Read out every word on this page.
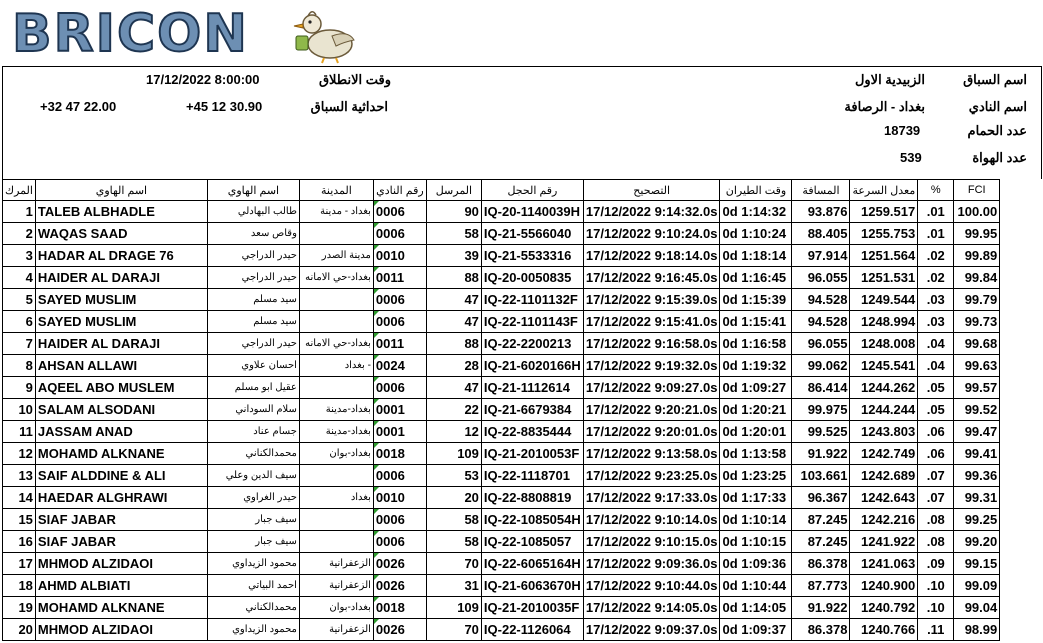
BRICON
اسم السباق
الزبيدية الاول
اسم النادي
بغداد - الرصافة
عدد الحمام
18739
عدد الهواة
539
وقت الانطلاق
17/12/2022 8:00:00
احداثية السباق
+45 12 30.90
+32 47 22.00
المرك	اسم الهاوي	اسم الهاوي	المدينة	رقم النادي	المرسل	رقم الحجل	التصحيح	وقت الطيران	المسافة	معدل السرعة	%	FCI
1	TALEB ALBHADLE	طالب البهادلي	بغداد - مدينة	0006	90	IQ-20-1140039H	17/12/2022 9:14:32.0s	0d 1:14:32	93.876	1259.517	.01	100.00
2	WAQAS SAAD	وقاص سعد		0006	58	IQ-21-5566040	17/12/2022 9:10:24.0s	0d 1:10:24	88.405	1255.753	.01	99.95
3	HADAR AL DRAGE 76	حيدر الدراجي	مدينة الصدر	0010	39	IQ-21-5533316	17/12/2022 9:18:14.0s	0d 1:18:14	97.914	1251.564	.02	99.89
4	HAIDER AL DARAJI	حيدر الدراجي	بغداد-حي الامانه	0011	88	IQ-20-0050835	17/12/2022 9:16:45.0s	0d 1:16:45	96.055	1251.531	.02	99.84
5	SAYED MUSLIM	سيد مسلم		0006	47	IQ-22-1101132F	17/12/2022 9:15:39.0s	0d 1:15:39	94.528	1249.544	.03	99.79
6	SAYED MUSLIM	سيد مسلم		0006	47	IQ-22-1101143F	17/12/2022 9:15:41.0s	0d 1:15:41	94.528	1248.994	.03	99.73
7	HAIDER AL DARAJI	حيدر الدراجي	بغداد-حي الامانه	0011	88	IQ-22-2200213	17/12/2022 9:16:58.0s	0d 1:16:58	96.055	1248.008	.04	99.68
8	AHSAN ALLAWI	احسان علاوي	- بغداد	0024	28	IQ-21-6020166H	17/12/2022 9:19:32.0s	0d 1:19:32	99.062	1245.541	.04	99.63
9	AQEEL ABO MUSLEM	عقيل ابو مسلم		0006	47	IQ-21-1112614	17/12/2022 9:09:27.0s	0d 1:09:27	86.414	1244.262	.05	99.57
10	SALAM ALSODANI	سلام السوداني	بغداد-مدينة	0001	22	IQ-21-6679384	17/12/2022 9:20:21.0s	0d 1:20:21	99.975	1244.244	.05	99.52
11	JASSAM ANAD	جسام عناد	بغداد-مدينة	0001	12	IQ-22-8835444	17/12/2022 9:20:01.0s	0d 1:20:01	99.525	1243.803	.06	99.47
12	MOHAMD ALKNANE	محمدالكناني	بغداد-بوان	0018	109	IQ-21-2010053F	17/12/2022 9:13:58.0s	0d 1:13:58	91.922	1242.749	.06	99.41
13	SAIF ALDDINE & ALI	سيف الدين وعلي		0006	53	IQ-22-1118701	17/12/2022 9:23:25.0s	0d 1:23:25	103.661	1242.689	.07	99.36
14	HAEDAR ALGHRAWI	حيدر الغراوي	بغداد	0010	20	IQ-22-8808819	17/12/2022 9:17:33.0s	0d 1:17:33	96.367	1242.643	.07	99.31
15	SIAF JABAR	سيف جبار		0006	58	IQ-22-1085054H	17/12/2022 9:10:14.0s	0d 1:10:14	87.245	1242.216	.08	99.25
16	SIAF JABAR	سيف جبار		0006	58	IQ-22-1085057	17/12/2022 9:10:15.0s	0d 1:10:15	87.245	1241.922	.08	99.20
17	MHMOD ALZIDAOI	محمود الزيداوي	الزعفرانية	0026	70	IQ-22-6065164H	17/12/2022 9:09:36.0s	0d 1:09:36	86.378	1241.063	.09	99.15
18	AHMD ALBIATI	احمد البياتي	الزعفرانية	0026	31	IQ-21-6063670H	17/12/2022 9:10:44.0s	0d 1:10:44	87.773	1240.900	.10	99.09
19	MOHAMD ALKNANE	محمدالكناني	بغداد-بوان	0018	109	IQ-21-2010035F	17/12/2022 9:14:05.0s	0d 1:14:05	91.922	1240.792	.10	99.04
20	MHMOD ALZIDAOI	محمود الزيداوي	الزعفرانية	0026	70	IQ-22-1126064	17/12/2022 9:09:37.0s	0d 1:09:37	86.378	1240.766	.11	98.99
